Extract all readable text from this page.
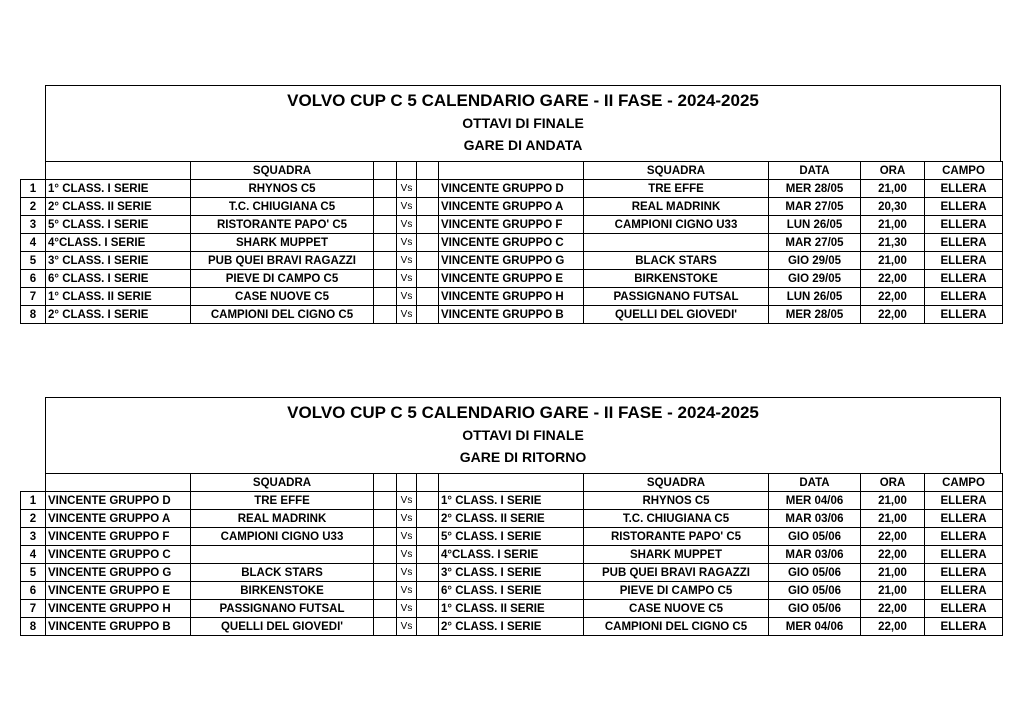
VOLVO CUP C 5 CALENDARIO GARE - II FASE - 2024-2025
OTTAVI DI FINALE
GARE DI ANDATA
		SQUADRA					SQUADRA	DATA	ORA	CAMPO
1	1° CLASS. I SERIE	RHYNOS C5		Vs		VINCENTE GRUPPO D	TRE EFFE	MER 28/05	21,00	ELLERA
2	2° CLASS. II SERIE	T.C. CHIUGIANA C5		Vs		VINCENTE GRUPPO A	REAL MADRINK	MAR 27/05	20,30	ELLERA
3	5° CLASS. I SERIE	RISTORANTE PAPO' C5		Vs		VINCENTE GRUPPO F	CAMPIONI CIGNO U33	LUN 26/05	21,00	ELLERA
4	4°CLASS. I SERIE	SHARK MUPPET		Vs		VINCENTE GRUPPO C		MAR 27/05	21,30	ELLERA
5	3° CLASS. I SERIE	PUB QUEI BRAVI RAGAZZI		Vs		VINCENTE GRUPPO G	BLACK STARS	GIO 29/05	21,00	ELLERA
6	6° CLASS. I SERIE	PIEVE DI CAMPO C5		Vs		VINCENTE GRUPPO E	BIRKENSTOKE	GIO 29/05	22,00	ELLERA
7	1° CLASS. II SERIE	CASE NUOVE C5		Vs		VINCENTE GRUPPO H	PASSIGNANO FUTSAL	LUN 26/05	22,00	ELLERA
8	2° CLASS. I SERIE	CAMPIONI DEL CIGNO C5		Vs		VINCENTE GRUPPO B	QUELLI DEL GIOVEDI'	MER 28/05	22,00	ELLERA
VOLVO CUP C 5 CALENDARIO GARE - II FASE - 2024-2025
OTTAVI DI FINALE
GARE DI RITORNO
		SQUADRA					SQUADRA	DATA	ORA	CAMPO
1	VINCENTE GRUPPO D	TRE EFFE		Vs		1° CLASS. I SERIE	RHYNOS C5	MER 04/06	21,00	ELLERA
2	VINCENTE GRUPPO A	REAL MADRINK		Vs		2° CLASS. II SERIE	T.C. CHIUGIANA C5	MAR 03/06	21,00	ELLERA
3	VINCENTE GRUPPO F	CAMPIONI CIGNO U33		Vs		5° CLASS. I SERIE	RISTORANTE PAPO' C5	GIO 05/06	22,00	ELLERA
4	VINCENTE GRUPPO C			Vs		4°CLASS. I SERIE	SHARK MUPPET	MAR 03/06	22,00	ELLERA
5	VINCENTE GRUPPO G	BLACK STARS		Vs		3° CLASS. I SERIE	PUB QUEI BRAVI RAGAZZI	GIO 05/06	21,00	ELLERA
6	VINCENTE GRUPPO E	BIRKENSTOKE		Vs		6° CLASS. I SERIE	PIEVE DI CAMPO C5	GIO 05/06	21,00	ELLERA
7	VINCENTE GRUPPO H	PASSIGNANO FUTSAL		Vs		1° CLASS. II SERIE	CASE NUOVE C5	GIO 05/06	22,00	ELLERA
8	VINCENTE GRUPPO B	QUELLI DEL GIOVEDI'		Vs		2° CLASS. I SERIE	CAMPIONI DEL CIGNO C5	MER 04/06	22,00	ELLERA
